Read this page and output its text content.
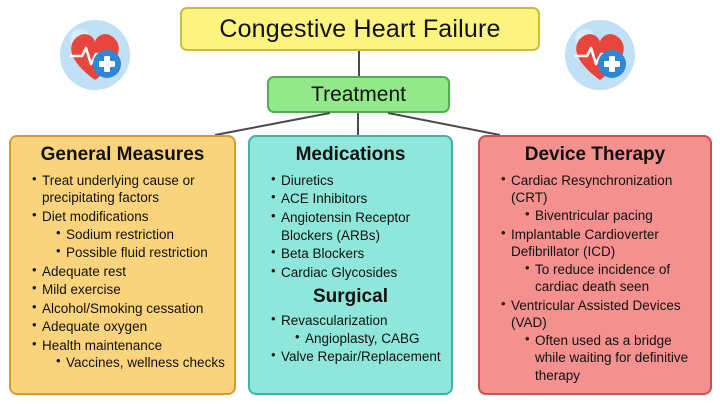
Congestive Heart Failure
Treatment
General Measures
• Treat underlying cause or precipitating factors
• Diet modifications
• Sodium restriction
• Possible fluid restriction
• Adequate rest
• Mild exercise
• Alcohol/Smoking cessation
• Adequate oxygen
• Health maintenance
• Vaccines, wellness checks
Medications
• Diuretics
• ACE Inhibitors
• Angiotensin Receptor Blockers (ARBs)
• Beta Blockers
• Cardiac Glycosides
Surgical
• Revascularization
• Angioplasty, CABG
• Valve Repair/Replacement
Device Therapy
• Cardiac Resynchronization (CRT)
• Biventricular pacing
• Implantable Cardioverter Defibrillator (ICD)
• To reduce incidence of cardiac death seen
• Ventricular Assisted Devices (VAD)
• Often used as a bridge while waiting for definitive therapy
